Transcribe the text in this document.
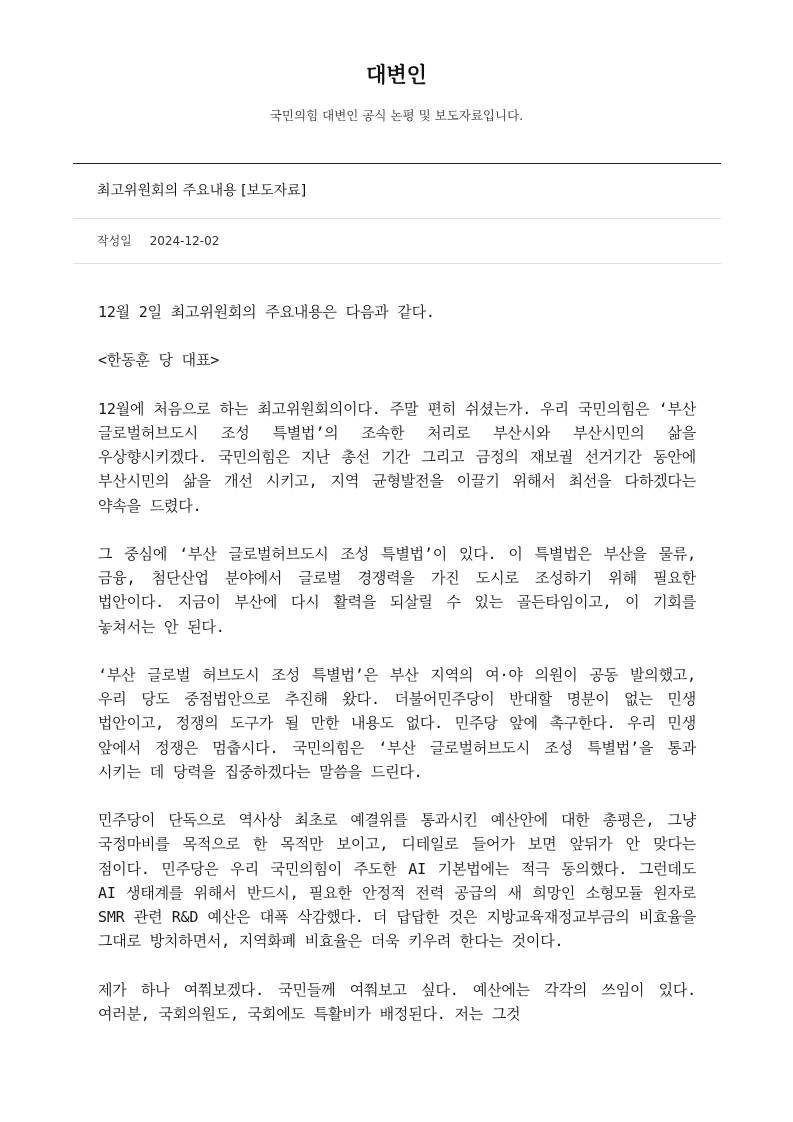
대변인
국민의힘 대변인 공식 논평 및 보도자료입니다.
최고위원회의 주요내용 [보도자료]
작성일 2024-12-02

12월 2일 최고위원회의 주요내용은 다음과 같다.

<한동훈 당 대표>

12월에 처음으로 하는 최고위원회의이다. 주말 편히 쉬셨는가. 우리 국민의힘은 ‘부산 글로벌허브도시 조성 특별법’의 조속한 처리로 부산시와 부산시민의 삶을 우상향시키겠다. 국민의힘은 지난 총선 기간 그리고 금정의 재보궐 선거기간 동안에 부산시민의 삶을 개선 시키고, 지역 균형발전을 이끌기 위해서 최선을 다하겠다는 약속을 드렸다.

그 중심에 ‘부산 글로벌허브도시 조성 특별법’이 있다. 이 특별법은 부산을 물류, 금융, 첨단산업 분야에서 글로벌 경쟁력을 가진 도시로 조성하기 위해 필요한 법안이다. 지금이 부산에 다시 활력을 되살릴 수 있는 골든타임이고, 이 기회를 놓쳐서는 안 된다.

‘부산 글로벌 허브도시 조성 특별법’은 부산 지역의 여·야 의원이 공동 발의했고, 우리 당도 중점법안으로 추진해 왔다. 더불어민주당이 반대할 명분이 없는 민생 법안이고, 정쟁의 도구가 될 만한 내용도 없다. 민주당 앞에 촉구한다. 우리 민생 앞에서 정쟁은 멈춥시다. 국민의힘은 ‘부산 글로벌허브도시 조성 특별법’을 통과 시키는 데 당력을 집중하겠다는 말씀을 드린다.

민주당이 단독으로 역사상 최초로 예결위를 통과시킨 예산안에 대한 총평은, 그냥 국정마비를 목적으로 한 목적만 보이고, 디테일로 들어가 보면 앞뒤가 안 맞다는 점이다. 민주당은 우리 국민의힘이 주도한 AI 기본법에는 적극 동의했다. 그런데도 AI 생태계를 위해서 반드시, 필요한 안정적 전력 공급의 새 희망인 소형모듈 원자로 SMR 관련 R&D 예산은 대폭 삭감했다. 더 답답한 것은 지방교육재정교부금의 비효율을 그대로 방치하면서, 지역화폐 비효율은 더욱 키우려 한다는 것이다.

제가 하나 여쭤보겠다. 국민들께 여쭤보고 싶다. 예산에는 각각의 쓰임이 있다. 여러분, 국회의원도, 국회에도 특활비가 배정된다. 저는 그것
